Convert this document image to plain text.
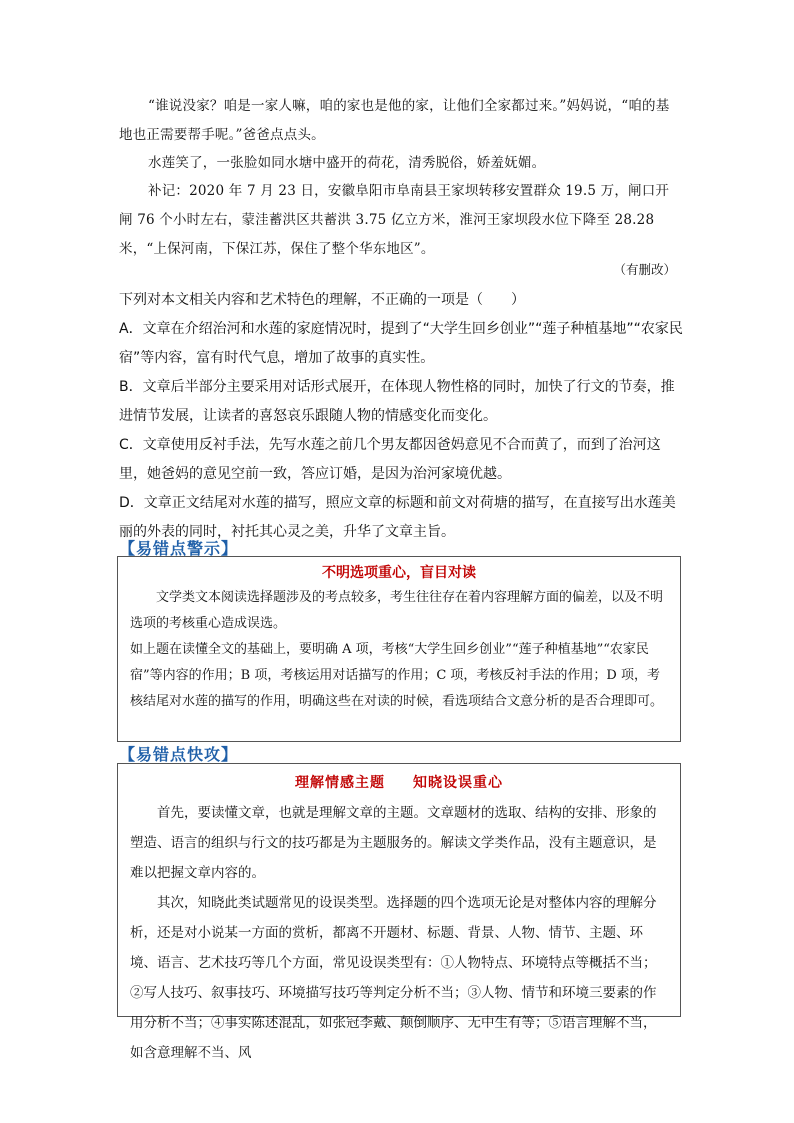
“谁说没家？咱是一家人嘛，咱的家也是他的家，让他们全家都过来。”妈妈说，“咱的基地也正需要帮手呢。”爸爸点点头。
水莲笑了，一张脸如同水塘中盛开的荷花，清秀脱俗，娇羞妩媚。
补记：2020 年 7 月 23 日，安徽阜阳市阜南县王家坝转移安置群众 19.5 万，闸口开闸 76 个小时左右，蒙洼蓄洪区共蓄洪 3.75 亿立方米，淮河王家坝段水位下降至 28.28 米，“上保河南，下保江苏，保住了整个华东地区”。
（有删改）
下列对本文相关内容和艺术特色的理解，不正确的一项是（　　）
A．文章在介绍治河和水莲的家庭情况时，提到了“大学生回乡创业”“莲子种植基地”“农家民宿”等内容，富有时代气息，增加了故事的真实性。
B．文章后半部分主要采用对话形式展开，在体现人物性格的同时，加快了行文的节奏，推进情节发展，让读者的喜怒哀乐跟随人物的情感变化而变化。
C．文章使用反衬手法，先写水莲之前几个男友都因爸妈意见不合而黄了，而到了治河这里，她爸妈的意见空前一致，答应订婚，是因为治河家境优越。
D．文章正文结尾对水莲的描写，照应文章的标题和前文对荷塘的描写，在直接写出水莲美丽的外表的同时，衬托其心灵之美，升华了文章主旨。
【易错点警示】
不明选项重心，盲目对读
文学类文本阅读选择题涉及的考点较多，考生往往存在着内容理解方面的偏差，以及不明选项的考核重心造成误选。
如上题在读懂全文的基础上，要明确 A 项，考核“大学生回乡创业”“莲子种植基地”“农家民宿”等内容的作用；B 项，考核运用对话描写的作用；C 项，考核反衬手法的作用；D 项，考核结尾对水莲的描写的作用，明确这些在对读的时候，看选项结合文意分析的是否合理即可。
【易错点快攻】
理解情感主题 知晓设误重心
首先，要读懂文章，也就是理解文章的主题。文章题材的选取、结构的安排、形象的塑造、语言的组织与行文的技巧都是为主题服务的。解读文学类作品，没有主题意识，是难以把握文章内容的。
其次，知晓此类试题常见的设误类型。选择题的四个选项无论是对整体内容的理解分析，还是对小说某一方面的赏析，都离不开题材、标题、背景、人物、情节、主题、环境、语言、艺术技巧等几个方面，常见设误类型有：①人物特点、环境特点等概括不当；②写人技巧、叙事技巧、环境描写技巧等判定分析不当；③人物、情节和环境三要素的作用分析不当；④事实陈述混乱，如张冠李戴、颠倒顺序、无中生有等；⑤语言理解不当，如含意理解不当、风
